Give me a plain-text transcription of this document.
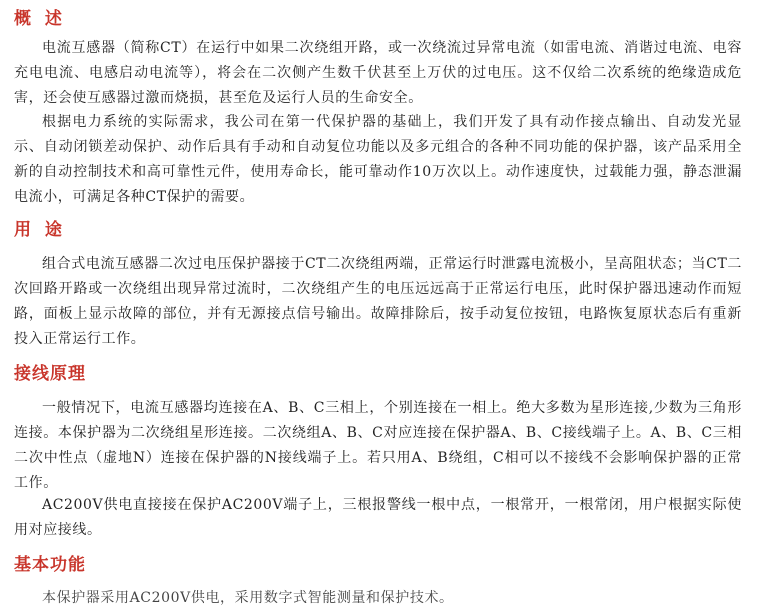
概 述

电流互感器（简称CT）在运行中如果二次绕组开路，或一次绕流过异常电流（如雷电流、消谐过电流、电容充电电流、电感启动电流等），将会在二次侧产生数千伏甚至上万伏的过电压。这不仅给二次系统的绝缘造成危害，还会使互感器过激而烧损，甚至危及运行人员的生命安全。

根据电力系统的实际需求，我公司在第一代保护器的基础上，我们开发了具有动作接点输出、自动发光显示、自动闭锁差动保护、动作后具有手动和自动复位功能以及多元组合的各种不同功能的保护器，该产品采用全新的自动控制技术和高可靠性元件，使用寿命长，能可靠动作10万次以上。动作速度快，过载能力强，静态泄漏电流小，可满足各种CT保护的需要。

用 途

组合式电流互感器二次过电压保护器接于CT二次绕组两端，正常运行时泄露电流极小，呈高阻状态；当CT二次回路开路或一次绕组出现异常过流时，二次绕组产生的电压远远高于正常运行电压，此时保护器迅速动作而短路，面板上显示故障的部位，并有无源接点信号输出。故障排除后，按手动复位按钮，电路恢复原状态后有重新投入正常运行工作。

接线原理

一般情况下，电流互感器均连接在A、B、C三相上，个别连接在一相上。绝大多数为星形连接,少数为三角形连接。本保护器为二次绕组星形连接。二次绕组A、B、C对应连接在保护器A、B、C接线端子上。A、B、C三相二次中性点（虚地N）连接在保护器的N接线端子上。若只用A、B绕组，C相可以不接线不会影响保护器的正常工作。

AC200V供电直接接在保护AC200V端子上，三根报警线一根中点，一根常开，一根常闭，用户根据实际使用对应接线。

基本功能

本保护器采用AC200V供电，采用数字式智能测量和保护技术。
